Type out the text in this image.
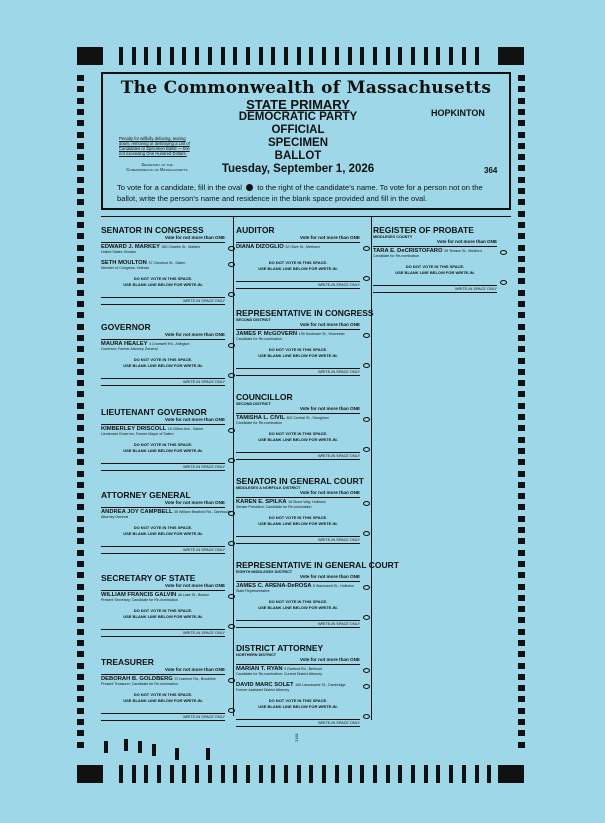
The Commonwealth of Massachusetts
STATE PRIMARY
DEMOCRATIC PARTY
OFFICIAL
SPECIMEN
BALLOT
Tuesday, September 1, 2026
HOPKINTON
364
Penalty for willfully defacing, tearing down, removing or destroying a List of Candidates or Specimen Ballot — fine not exceeding One Hundred Dollars.
Secretary of the
Commonwealth of Massachusetts
To vote for a candidate, fill in the oval to the right of the candidate's name. To vote for a person not on the ballot, write the person's name and residence in the blank space provided and fill in the oval.
SENATOR IN CONGRESS
Vote for not more than ONE
EDWARD J. MARKEY 363 Charles St., Malden
United States Senator
SETH MOULTON 37 Chestnut St., Salem
Member of Congress; Veteran
DO NOT VOTE IN THIS SPACE.
USE BLANK LINE BELOW FOR WRITE-IN.
WRITE-IN SPACE ONLY
GOVERNOR
Vote for not more than ONE
MAURA HEALEY 4 Cromwell Rd., Arlington
Governor; Former Attorney General
DO NOT VOTE IN THIS SPACE.
USE BLANK LINE BELOW FOR WRITE-IN.
WRITE-IN SPACE ONLY
LIEUTENANT GOVERNOR
Vote for not more than ONE
KIMBERLEY DRISCOLL 16 Clifton Ave., Salem
Lieutenant Governor; Former Mayor of Salem
DO NOT VOTE IN THIS SPACE.
USE BLANK LINE BELOW FOR WRITE-IN.
WRITE-IN SPACE ONLY
ATTORNEY GENERAL
Vote for not more than ONE
ANDREA JOY CAMPBELL 35 William Bradford Rd., Dartmouth
Attorney General
DO NOT VOTE IN THIS SPACE.
USE BLANK LINE BELOW FOR WRITE-IN.
WRITE-IN SPACE ONLY
SECRETARY OF STATE
Vote for not more than ONE
WILLIAM FRANCIS GALVIN 46 Lake St., Boston
Present Secretary; Candidate for Re-nomination
DO NOT VOTE IN THIS SPACE.
USE BLANK LINE BELOW FOR WRITE-IN.
WRITE-IN SPACE ONLY
TREASURER
Vote for not more than ONE
DEBORAH B. GOLDBERG 37 Ivanhoe Rd., Brookline
Present Treasurer; Candidate for Re-nomination
DO NOT VOTE IN THIS SPACE.
USE BLANK LINE BELOW FOR WRITE-IN.
WRITE-IN SPACE ONLY
AUDITOR
Vote for not more than ONE
DIANA DIZOGLIO 32 Olive St., Methuen
DO NOT VOTE IN THIS SPACE.
USE BLANK LINE BELOW FOR WRITE-IN.
WRITE-IN SPACE ONLY
REPRESENTATIVE IN CONGRESS
SECOND DISTRICT
Vote for not more than ONE
JAMES P. McGOVERN 199 Sunbeam St., Worcester
Candidate for Re-nomination
DO NOT VOTE IN THIS SPACE.
USE BLANK LINE BELOW FOR WRITE-IN.
WRITE-IN SPACE ONLY
COUNCILLOR
SECOND DISTRICT
Vote for not more than ONE
TAMISHA L. CIVIL 802 Central St., Stoughton
Candidate for Re-nomination
DO NOT VOTE IN THIS SPACE.
USE BLANK LINE BELOW FOR WRITE-IN.
WRITE-IN SPACE ONLY
SENATOR IN GENERAL COURT
MIDDLESEX & NORFOLK DISTRICT
Vote for not more than ONE
KAREN E. SPILKA 18 Stone Way, Holliston
Senate President; Candidate for Re-nomination
DO NOT VOTE IN THIS SPACE.
USE BLANK LINE BELOW FOR WRITE-IN.
WRITE-IN SPACE ONLY
REPRESENTATIVE IN GENERAL COURT
EIGHTH MIDDLESEX DISTRICT
Vote for not more than ONE
JAMES C. ARENA-DeROSA 8 Wachusett St., Holliston
State Representative
DO NOT VOTE IN THIS SPACE.
USE BLANK LINE BELOW FOR WRITE-IN.
WRITE-IN SPACE ONLY
DISTRICT ATTORNEY
NORTHERN DISTRICT
Vote for not more than ONE
MARIAN T. RYAN 9 Radford Rd., Belmont
Candidate for Re-nomination; Current District Attorney
DAVID MARC SOLET 106 Lansdowne St., Cambridge
Former Assistant District Attorney
DO NOT VOTE IN THIS SPACE.
USE BLANK LINE BELOW FOR WRITE-IN.
WRITE-IN SPACE ONLY
REGISTER OF PROBATE
MIDDLESEX COUNTY
Vote for not more than ONE
TARA E. DeCRISTOFARO 35 Terrace St., Medford
Candidate for Re-nomination
DO NOT VOTE IN THIS SPACE.
USE BLANK LINE BELOW FOR WRITE-IN.
WRITE-IN SPACE ONLY
2161
